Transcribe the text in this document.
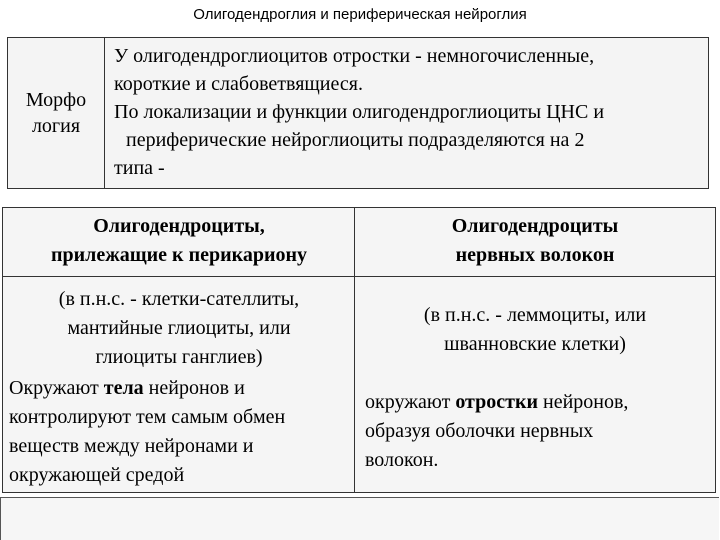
Олигодендроглия и периферическая нейроглия
Морфо
логия
У олигодендроглиоцитов отростки - немногочисленные,
короткие и слабоветвящиеся.
По локализации и функции олигодендроглиоциты ЦНС и
периферические нейроглиоциты подразделяются на 2
типа -
Олигодендроциты,
прилежащие к перикариону
Олигодендроциты
нервных волокон
(в п.н.с. - клетки-сателлиты,
мантийные глиоциты, или
глиоциты ганглиев)
(в п.н.с. - леммоциты, или
шванновские клетки)
Окружают тела нейронов и
контролируют тем самым обмен
веществ между нейронами и
окружающей средой
окружают отростки нейронов,
образуя оболочки нервных
волокон.
